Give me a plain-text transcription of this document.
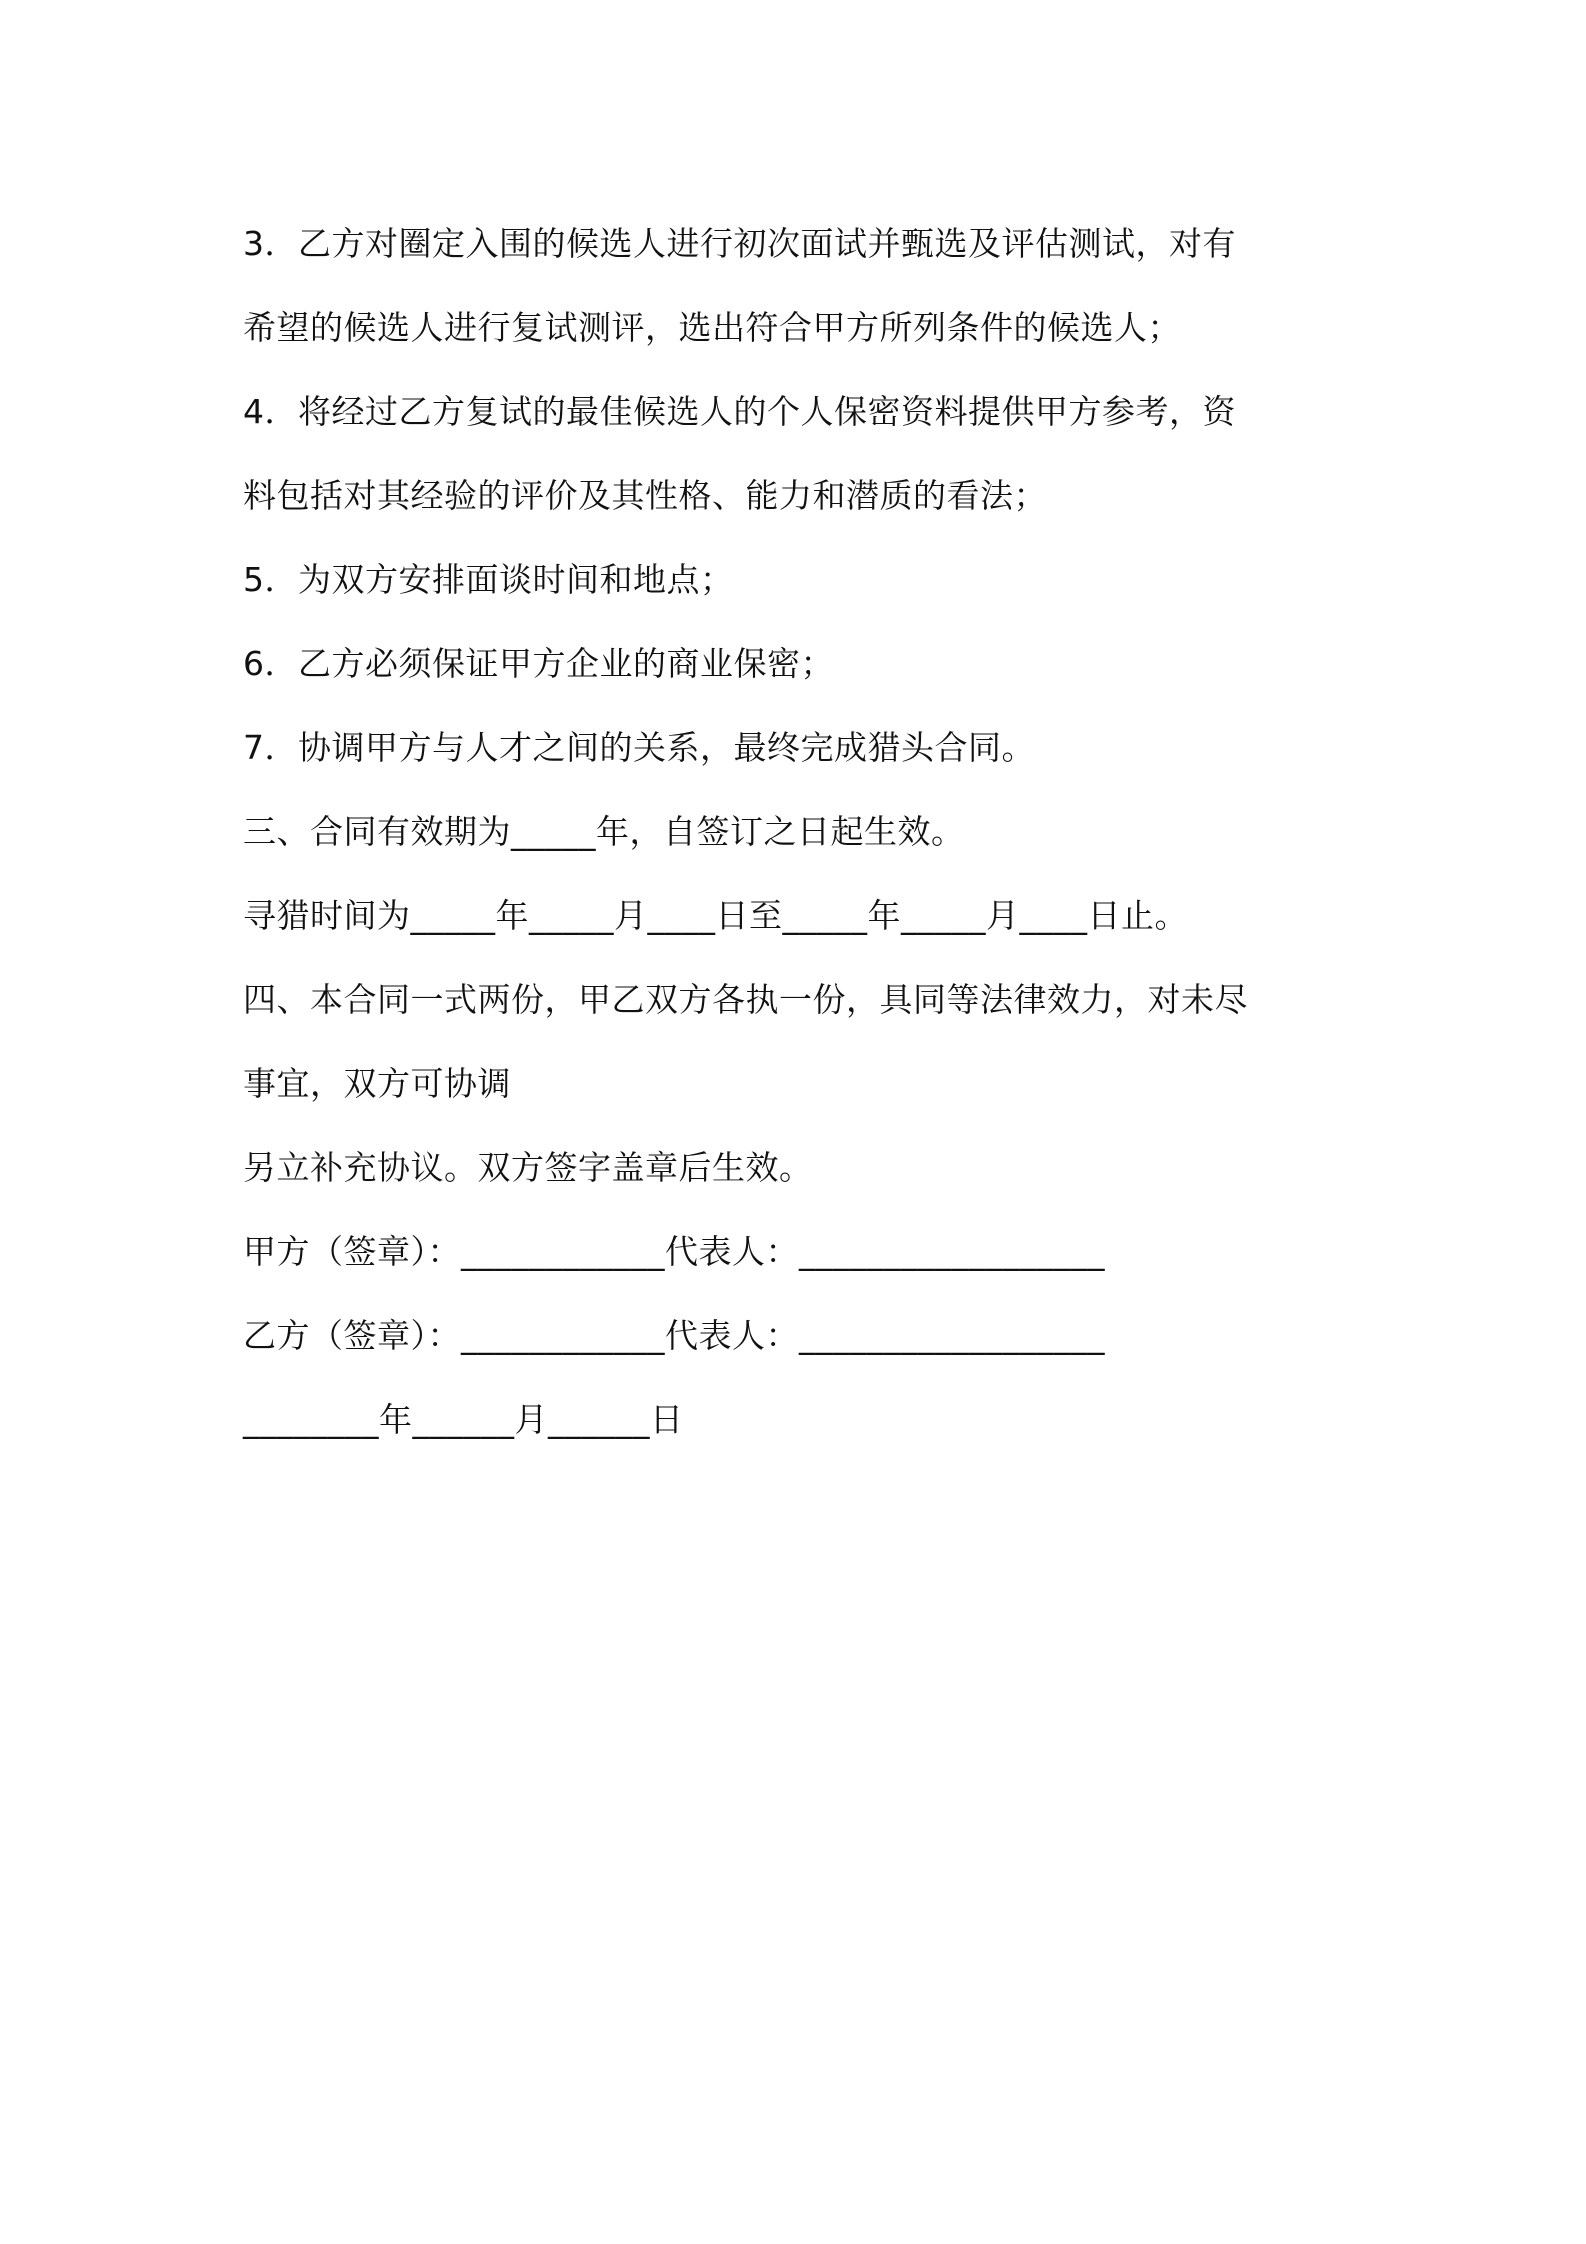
3．乙方对圈定入围的候选人进行初次面试并甄选及评估测试，对有
希望的候选人进行复试测评，选出符合甲方所列条件的候选人；
4．将经过乙方复试的最佳候选人的个人保密资料提供甲方参考，资
料包括对其经验的评价及其性格、能力和潜质的看法；
5．为双方安排面谈时间和地点；
6．乙方必须保证甲方企业的商业保密；
7．协调甲方与人才之间的关系，最终完成猎头合同。
三、合同有效期为_____年，自签订之日起生效。
寻猎时间为_____年_____月____日至_____年_____月____日止。
四、本合同一式两份，甲乙双方各执一份，具同等法律效力，对未尽
事宜，双方可协调
另立补充协议。双方签字盖章后生效。
甲方（签章）：____________代表人：__________________
乙方（签章）：____________代表人：__________________
________年______月______日
